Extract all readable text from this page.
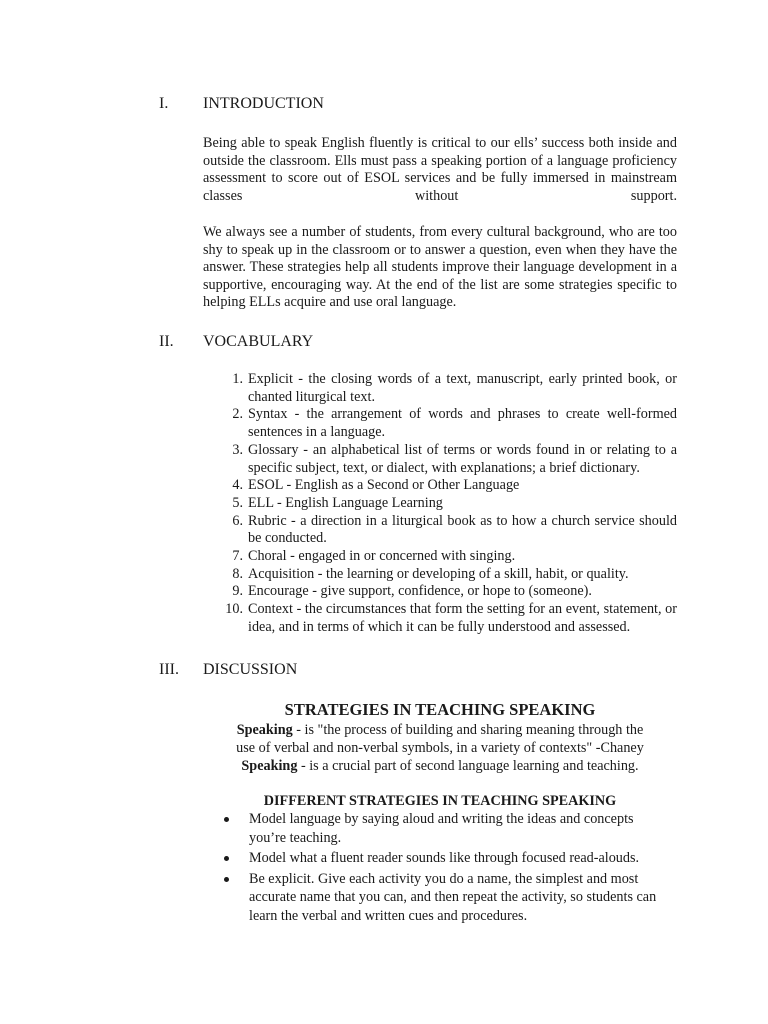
I. INTRODUCTION

Being able to speak English fluently is critical to our ells’ success both inside and outside the classroom. Ells must pass a speaking portion of a language proficiency assessment to score out of ESOL services and be fully immersed in mainstream classes without support.

We always see a number of students, from every cultural background, who are too shy to speak up in the classroom or to answer a question, even when they have the answer. These strategies help all students improve their language development in a supportive, encouraging way. At the end of the list are some strategies specific to helping ELLs acquire and use oral language.

II. VOCABULARY
1. Explicit - the closing words of a text, manuscript, early printed book, or chanted liturgical text.
2. Syntax - the arrangement of words and phrases to create well-formed sentences in a language.
3. Glossary - an alphabetical list of terms or words found in or relating to a specific subject, text, or dialect, with explanations; a brief dictionary.
4. ESOL - English as a Second or Other Language
5. ELL - English Language Learning
6. Rubric - a direction in a liturgical book as to how a church service should be conducted.
7. Choral - engaged in or concerned with singing.
8. Acquisition - the learning or developing of a skill, habit, or quality.
9. Encourage - give support, confidence, or hope to (someone).
10. Context - the circumstances that form the setting for an event, statement, or idea, and in terms of which it can be fully understood and assessed.
III. DISCUSSION
STRATEGIES IN TEACHING SPEAKING
Speaking - is "the process of building and sharing meaning through the
use of verbal and non-verbal symbols, in a variety of contexts" -Chaney
Speaking - is a crucial part of second language learning and teaching.
DIFFERENT STRATEGIES IN TEACHING SPEAKING
Model language by saying aloud and writing the ideas and concepts you’re teaching.
Model what a fluent reader sounds like through focused read-alouds.
Be explicit. Give each activity you do a name, the simplest and most accurate name that you can, and then repeat the activity, so students can learn the verbal and written cues and procedures.
